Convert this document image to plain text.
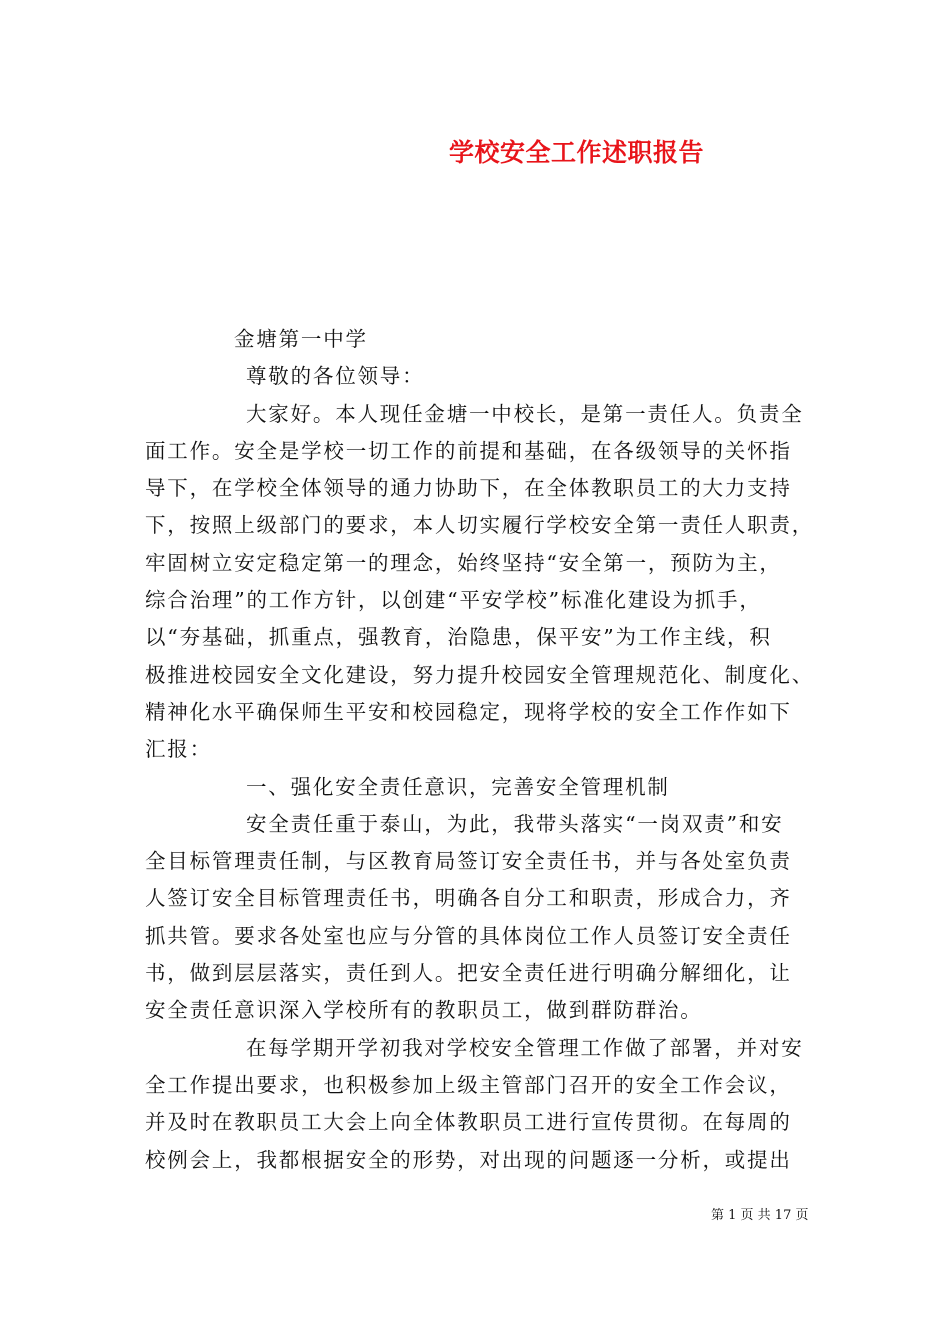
学校安全工作述职报告
金塘第一中学
尊敬的各位领导：
大家好。本人现任金塘一中校长，是第一责任人。负责全
面工作。安全是学校一切工作的前提和基础，在各级领导的关怀指
导下，在学校全体领导的通力协助下，在全体教职员工的大力支持
下，按照上级部门的要求，本人切实履行学校安全第一责任人职责，
牢固树立安定稳定第一的理念，始终坚持“安全第一，预防为主，
综合治理”的工作方针，以创建“平安学校”标准化建设为抓手，
以“夯基础，抓重点，强教育，治隐患，保平安”为工作主线，积
极推进校园安全文化建设，努力提升校园安全管理规范化、制度化、
精神化水平确保师生平安和校园稳定，现将学校的安全工作作如下
汇报：
一、强化安全责任意识，完善安全管理机制
安全责任重于泰山，为此，我带头落实“一岗双责”和安
全目标管理责任制，与区教育局签订安全责任书，并与各处室负责
人签订安全目标管理责任书，明确各自分工和职责，形成合力，齐
抓共管。要求各处室也应与分管的具体岗位工作人员签订安全责任
书，做到层层落实，责任到人。把安全责任进行明确分解细化，让
安全责任意识深入学校所有的教职员工，做到群防群治。
在每学期开学初我对学校安全管理工作做了部署，并对安
全工作提出要求，也积极参加上级主管部门召开的安全工作会议，
并及时在教职员工大会上向全体教职员工进行宣传贯彻。在每周的
校例会上，我都根据安全的形势，对出现的问题逐一分析，或提出
第 1 页 共 17 页
